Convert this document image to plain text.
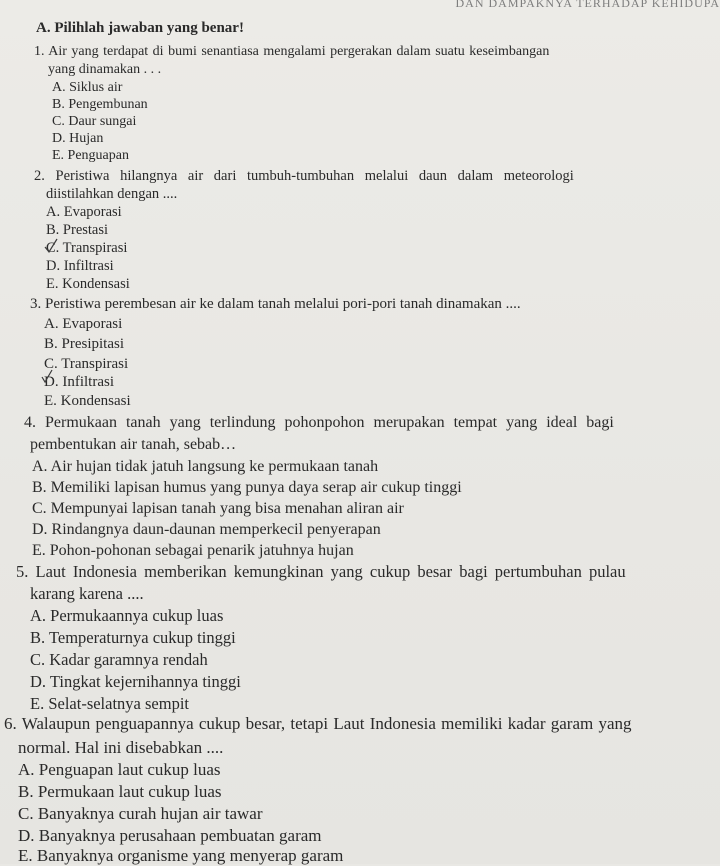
DAN DAMPAKNYA TERHADAP KEHIDUPA
A. Pilihlah jawaban yang benar!
1. Air yang terdapat di bumi senantiasa mengalami pergerakan dalam suatu keseimbangan
yang dinamakan . . .
A. Siklus air
B. Pengembunan
C. Daur sungai
D. Hujan
E. Penguapan
2. Peristiwa hilangnya air dari tumbuh-tumbuhan melalui daun dalam meteorologi
diistilahkan dengan ....
A. Evaporasi
B. Prestasi
C. Transpirasi
D. Infiltrasi
E. Kondensasi
3. Peristiwa perembesan air ke dalam tanah melalui pori-pori tanah dinamakan ....
A. Evaporasi
B. Presipitasi
C. Transpirasi
D. Infiltrasi
E. Kondensasi
4. Permukaan tanah yang terlindung pohonpohon merupakan tempat yang ideal bagi
pembentukan air tanah, sebab…
A. Air hujan tidak jatuh langsung ke permukaan tanah
B. Memiliki lapisan humus yang punya daya serap air cukup tinggi
C. Mempunyai lapisan tanah yang bisa menahan aliran air
D. Rindangnya daun-daunan memperkecil penyerapan
E. Pohon-pohonan sebagai penarik jatuhnya hujan
5. Laut Indonesia memberikan kemungkinan yang cukup besar bagi pertumbuhan pulau
karang karena ....
A. Permukaannya cukup luas
B. Temperaturnya cukup tinggi
C. Kadar garamnya rendah
D. Tingkat kejernihannya tinggi
E. Selat-selatnya sempit
6. Walaupun penguapannya cukup besar, tetapi Laut Indonesia memiliki kadar garam yang
normal. Hal ini disebabkan ....
A. Penguapan laut cukup luas
B. Permukaan laut cukup luas
C. Banyaknya curah hujan air tawar
D. Banyaknya perusahaan pembuatan garam
E. Banyaknya organisme yang menyerap garam
